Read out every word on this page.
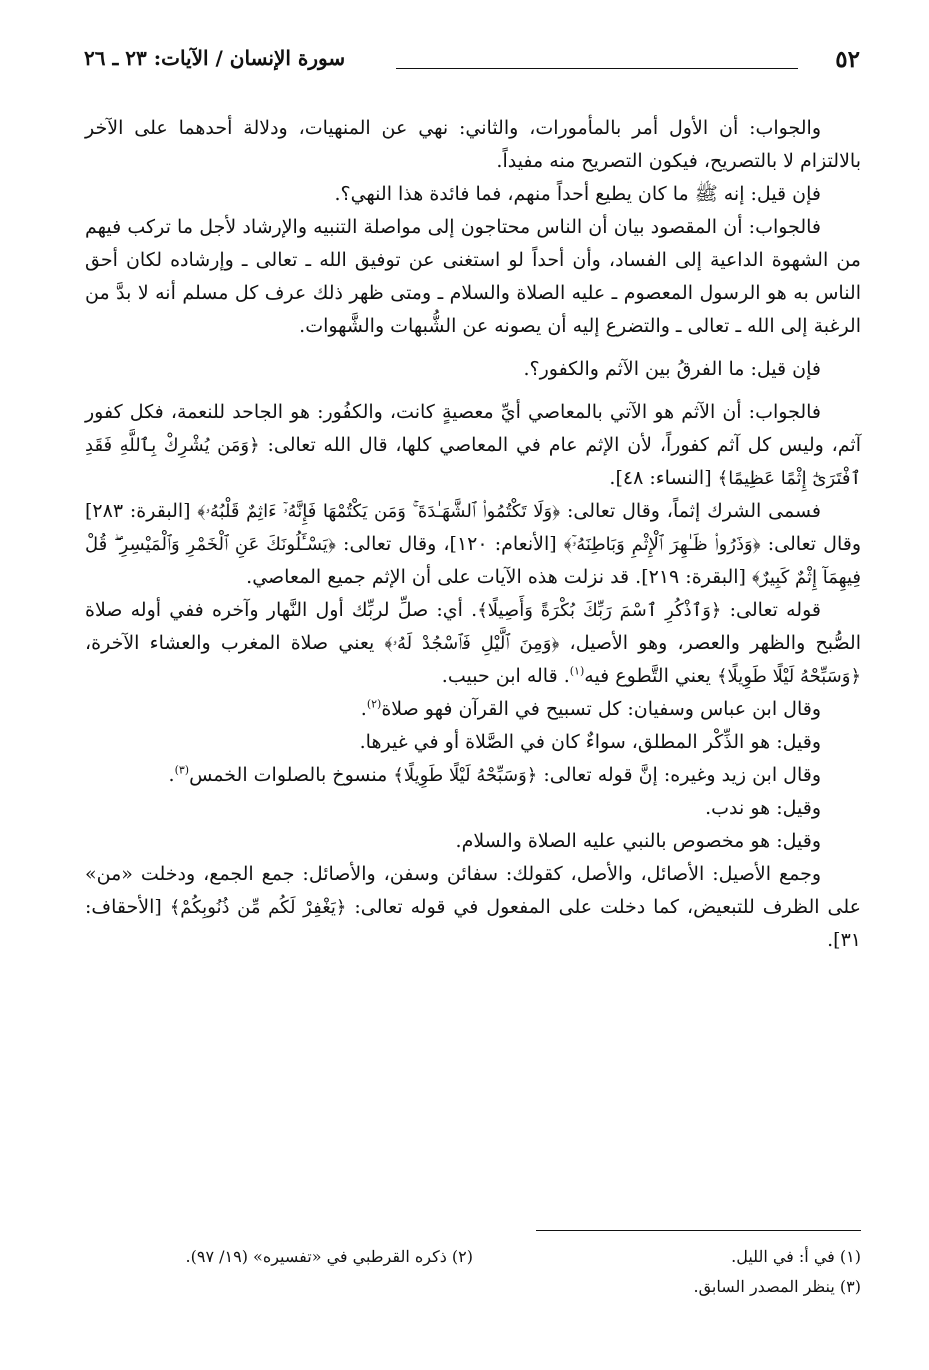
٥٢
سورة الإنسان / الآيات: ٢٣ ـ ٢٦

والجواب: أن الأول أمر بالمأمورات، والثاني: نهي عن المنهيات، ودلالة أحدهما على الآخر بالالتزام لا بالتصريح، فيكون التصريح منه مفيداً.

فإن قيل: إنه ﷺ ما كان يطيع أحداً منهم، فما فائدة هذا النهي؟.

فالجواب: أن المقصود بيان أن الناس محتاجون إلى مواصلة التنبيه والإرشاد لأجل ما تركب فيهم من الشهوة الداعية إلى الفساد، وأن أحداً لو استغنى عن توفيق الله ـ تعالى ـ وإرشاده لكان أحق الناس به هو الرسول المعصوم ـ عليه الصلاة والسلام ـ ومتى ظهر ذلك عرف كل مسلم أنه لا بدَّ من الرغبة إلى الله ـ تعالى ـ والتضرع إليه أن يصونه عن الشُّبهات والشَّهوات.

فإن قيل: ما الفرقُ بين الآثم والكفور؟.

فالجواب: أن الآثم هو الآتي بالمعاصي أيِّ معصيةٍ كانت، والكفُور: هو الجاحد للنعمة، فكل كفور آثم، وليس كل آثم كفوراً، لأن الإثم عام في المعاصي كلها، قال الله تعالى: ﴿وَمَن يُشْرِكْ بِٱللَّهِ فَقَدِ ٱفْتَرَىٰٓ إِثْمًا عَظِيمًا﴾ [النساء: ٤٨].

فسمى الشرك إثماً، وقال تعالى: ﴿وَلَا تَكْتُمُوا۟ ٱلشَّهَـٰدَةَ ۚ وَمَن يَكْتُمْهَا فَإِنَّهُۥٓ ءَاثِمٌ قَلْبُهُۥ﴾ [البقرة: ٢٨٣] وقال تعالى: ﴿وَذَرُوا۟ ظَـٰهِرَ ٱلْإِثْمِ وَبَاطِنَهُۥٓ﴾ [الأنعام: ١٢٠]، وقال تعالى: ﴿يَسْـَٔلُونَكَ عَنِ ٱلْخَمْرِ وَٱلْمَيْسِرِ ۖ قُلْ فِيهِمَآ إِثْمٌ كَبِيرٌ﴾ [البقرة: ٢١٩]. قد نزلت هذه الآيات على أن الإثم جميع المعاصي.

قوله تعالى: ﴿وَٱذْكُرِ ٱسْمَ رَبِّكَ بُكْرَةً وَأَصِيلًا﴾. أي: صلِّ لربِّك أول النَّهار وآخره ففي أوله صلاة الصُّبح والظهر والعصر، وهو الأصيل، ﴿وَمِنَ ٱلَّيْلِ فَٱسْجُدْ لَهُۥ﴾ يعني صلاة المغرب والعشاء الآخرة، ﴿وَسَبِّحْهُ لَيْلًا طَوِيلًا﴾ يعني التَّطوع فيه$^{(١)}$. قاله ابن حبيب.

وقال ابن عباس وسفيان: كل تسبيح في القرآن فهو صلاة$^{(٢)}$.

وقيل: هو الذِّكْر المطلق، سواءٌ كان في الصَّلاة أو في غيرها.

وقال ابن زيد وغيره: إنَّ قوله تعالى: ﴿وَسَبِّحْهُ لَيْلًا طَوِيلًا﴾ منسوخ بالصلوات الخمس$^{(٣)}$.

وقيل: هو ندب.

وقيل: هو مخصوص بالنبي عليه الصلاة والسلام.

وجمع الأصيل: الأصائل، والأصل، كقولك: سفائن وسفن، والأصائل: جمع الجمع، ودخلت «من» على الظرف للتبعيض، كما دخلت على المفعول في قوله تعالى: ﴿يَغْفِرْ لَكُم مِّن ذُنُوبِكُمْ﴾ [الأحقاف: ٣١].

(١) في أ: في الليل.
(٢) ذكره القرطبي في «تفسيره» (١٩/ ٩٧).
(٣) ينظر المصدر السابق.
